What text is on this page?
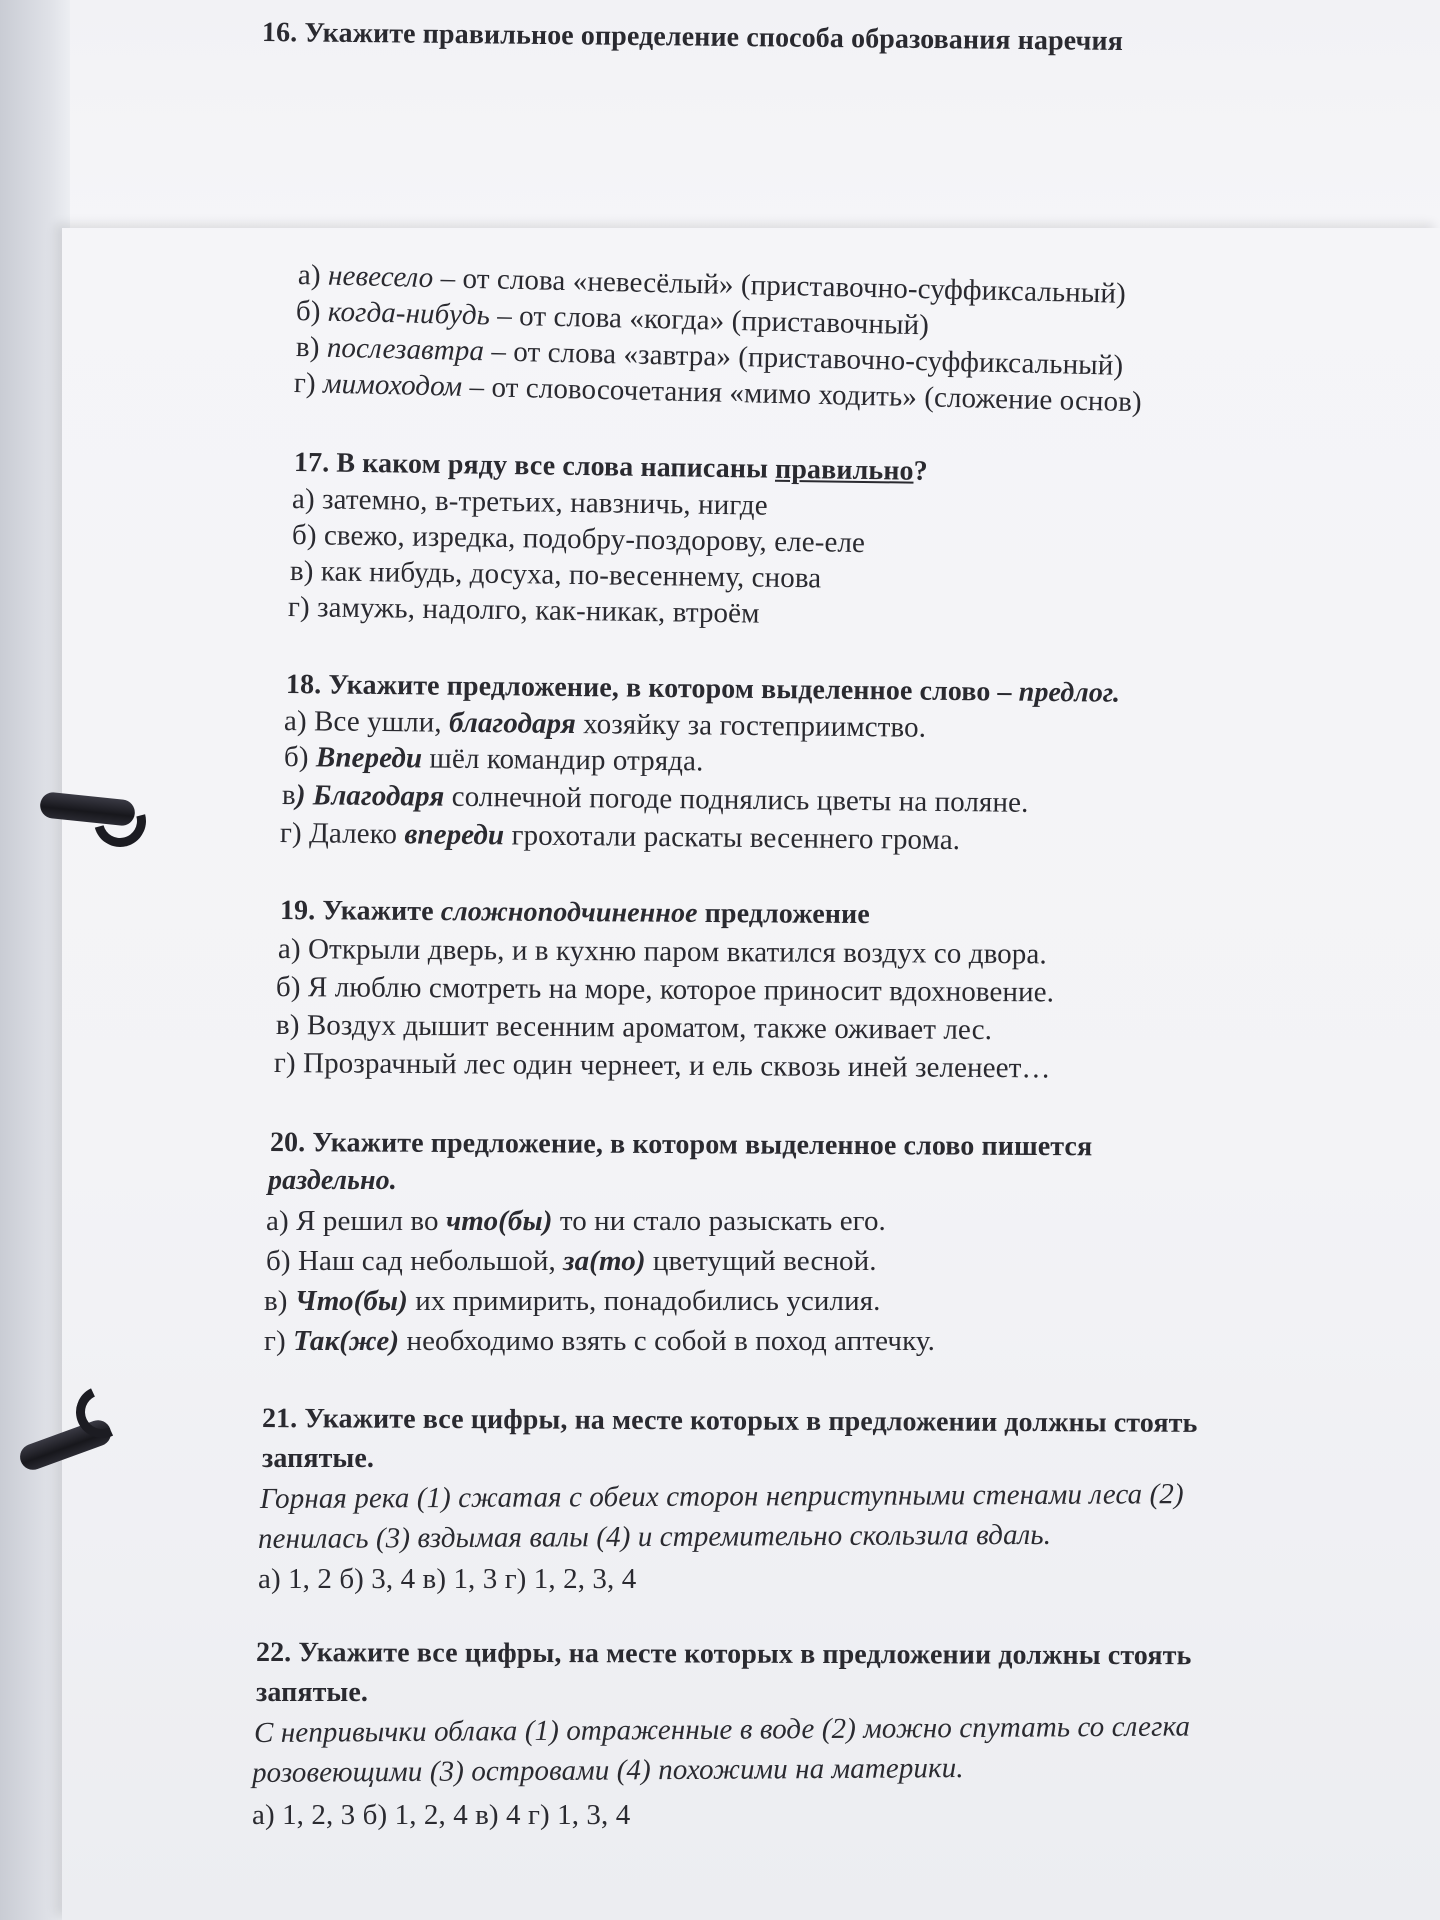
16. Укажите правильное определение способа образования наречия
а) невесело – от слова «невесёлый» (приставочно-суффиксальный)
б) когда-нибудь – от слова «когда» (приставочный)
в) послезавтра – от слова «завтра» (приставочно-суффиксальный)
г) мимоходом – от словосочетания «мимо ходить» (сложение основ)
17. В каком ряду все слова написаны правильно?
а) затемно, в-третьих, навзничь, нигде
б) свежо, изредка, подобру-поздорову, еле-еле
в) как нибудь, досуха, по-весеннему, снова
г) замужь, надолго, как-никак, втроём
18. Укажите предложение, в котором выделенное слово – предлог.
а) Все ушли, благодаря хозяйку за гостеприимство.
б) Впереди шёл командир отряда.
в) Благодаря солнечной погоде поднялись цветы на поляне.
г) Далеко впереди грохотали раскаты весеннего грома.
19. Укажите сложноподчиненное предложение
а) Открыли дверь, и в кухню паром вкатился воздух со двора.
б) Я люблю смотреть на море, которое приносит вдохновение.
в) Воздух дышит весенним ароматом, также оживает лес.
г) Прозрачный лес один чернеет, и ель сквозь иней зеленеет…
20. Укажите предложение, в котором выделенное слово пишется
раздельно.
а) Я решил во что(бы) то ни стало разыскать его.
б) Наш сад небольшой, за(то) цветущий весной.
в) Что(бы) их примирить, понадобились усилия.
г) Так(же) необходимо взять с собой в поход аптечку.
21. Укажите все цифры, на месте которых в предложении должны стоять
запятые.
Горная река (1) сжатая с обеих сторон неприступными стенами леса (2)
пенилась (3) вздымая валы (4) и стремительно скользила вдаль.
а) 1, 2 б) 3, 4 в) 1, 3 г) 1, 2, 3, 4
22. Укажите все цифры, на месте которых в предложении должны стоять
запятые.
С непривычки облака (1) отраженные в воде (2) можно спутать со слегка
розовеющими (3) островами (4) похожими на материки.
а) 1, 2, 3 б) 1, 2, 4 в) 4 г) 1, 3, 4
